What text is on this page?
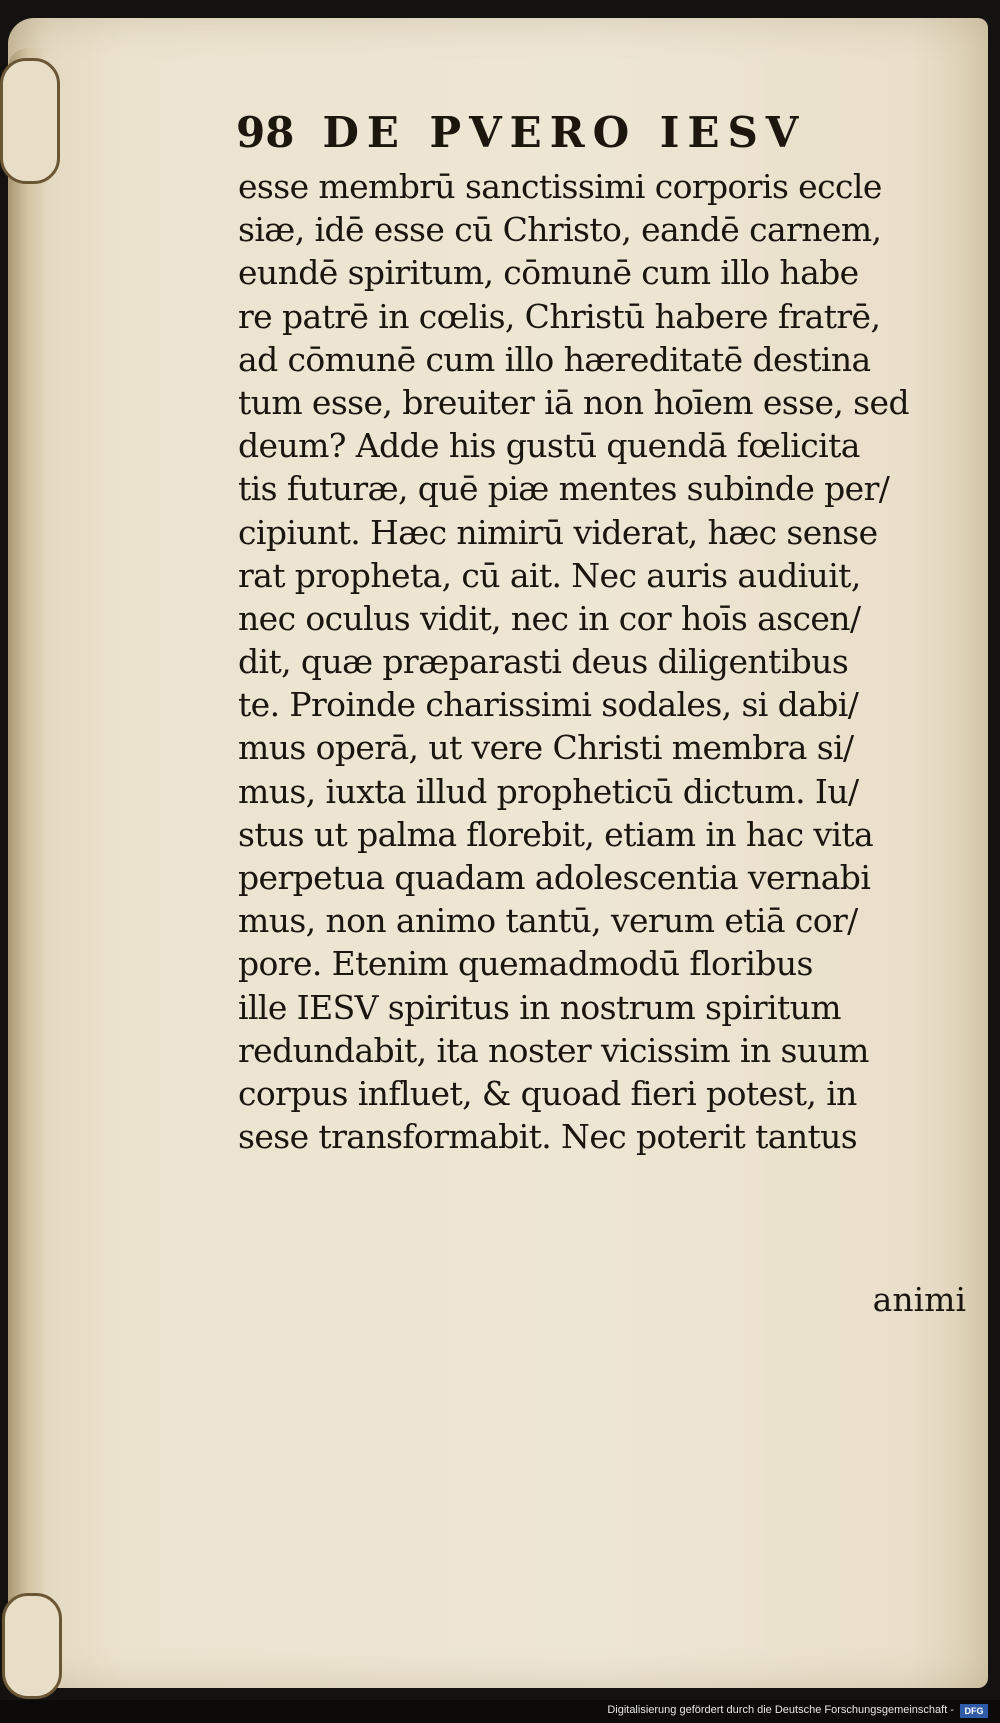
98 DE PVERO IESV
esse membrū sanctissimi corporis eccle
siæ, idē esse cū Christo, eandē carnem,
eundē spiritum, cōmunē cum illo habe
re patrē in cœlis, Christū habere fratrē,
ad cōmunē cum illo hæreditatē destina
tum esse, breuiter iā non hoīem esse, sed
deum? Adde his gustū quendā fœlicita
tis futuræ, quē piæ mentes subinde per/
cipiunt. Hæc nimirū viderat, hæc sense
rat propheta, cū ait. Nec auris audiuit,
nec oculus vidit, nec in cor hoīs ascen/
dit, quæ præparasti deus diligentibus
te. Proinde charissimi sodales, si dabi/
mus operā, ut vere Christi membra si/
mus, iuxta illud propheticū dictum. Iu/
stus ut palma florebit, etiam in hac vita
perpetua quadam adolescentia vernabi
mus, non animo tantū, verum etiā cor/
pore. Etenim quemadmodū floribus
ille IESV spiritus in nostrum spiritum
redundabit, ita noster vicissim in suum
corpus influet, & quoad fieri potest, in
sese transformabit. Nec poterit tantus
animi
Digitalisierung gefördert durch die Deutsche Forschungsgemeinschaft -	DFG
